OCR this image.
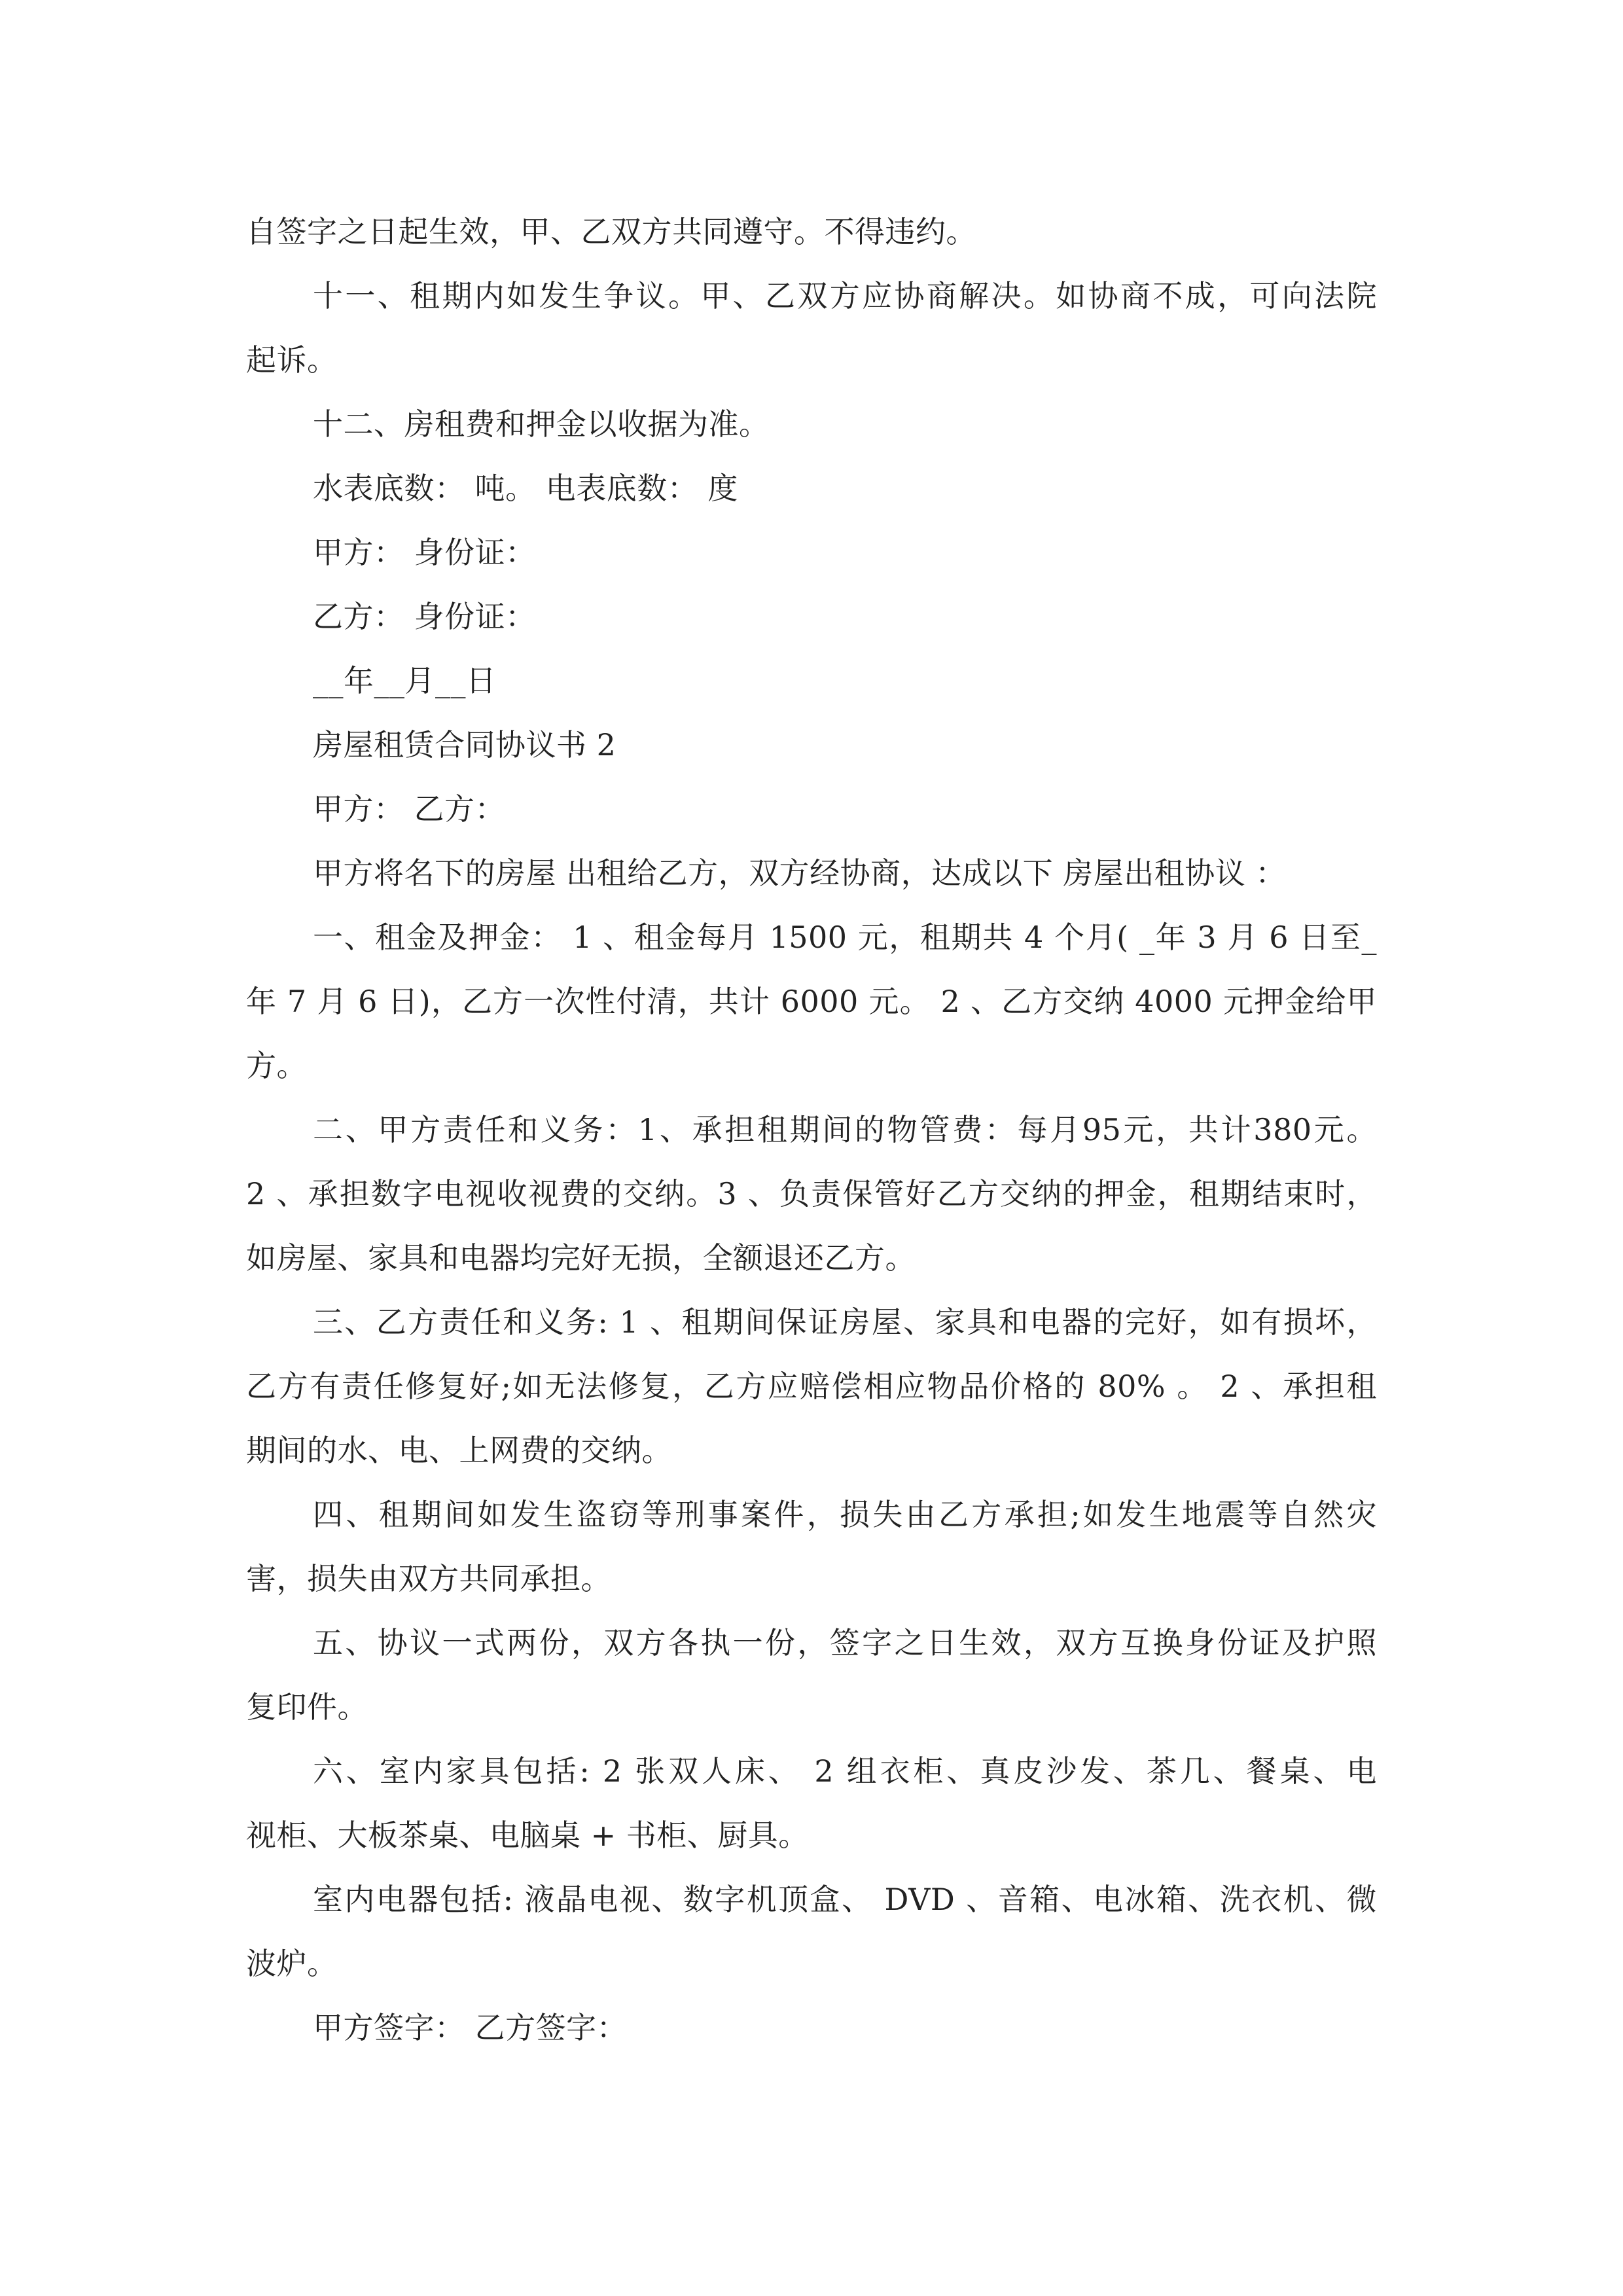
自签字之日起生效，甲、乙双方共同遵守。不得违约。
十一、租期内如发生争议。甲、乙双方应协商解决。如协商不成，可向法院
起诉。
十二、房租费和押金以收据为准。
水表底数： 吨。 电表底数： 度
甲方： 身份证：
乙方： 身份证：
__年__月__日
房屋租赁合同协议书 2
甲方： 乙方：
甲方将名下的房屋 出租给乙方，双方经协商，达成以下 房屋出租协议 ：
一、租金及押金： 1 、租金每月 1500 元，租期共 4 个月( _年 3 月 6 日至_
年 7 月 6 日)，乙方一次性付清，共计 6000 元。 2 、乙方交纳 4000 元押金给甲
方。
二、甲方责任和义务：1、承担租期间的物管费：每月95元，共计380元。
2 、承担数字电视收视费的交纳。3 、负责保管好乙方交纳的押金，租期结束时，
如房屋、家具和电器均完好无损，全额退还乙方。
三、乙方责任和义务: 1 、租期间保证房屋、家具和电器的完好，如有损坏，
乙方有责任修复好;如无法修复，乙方应赔偿相应物品价格的 80% 。 2 、承担租
期间的水、电、上网费的交纳。
四、租期间如发生盗窃等刑事案件，损失由乙方承担;如发生地震等自然灾
害，损失由双方共同承担。
五、协议一式两份，双方各执一份，签字之日生效，双方互换身份证及护照
复印件。
六、室内家具包括: 2 张双人床、 2 组衣柜、真皮沙发、茶几、餐桌、电
视柜、大板茶桌、电脑桌 + 书柜、厨具。
室内电器包括: 液晶电视、数字机顶盒、 DVD 、音箱、电冰箱、洗衣机、微
波炉。
甲方签字： 乙方签字：
